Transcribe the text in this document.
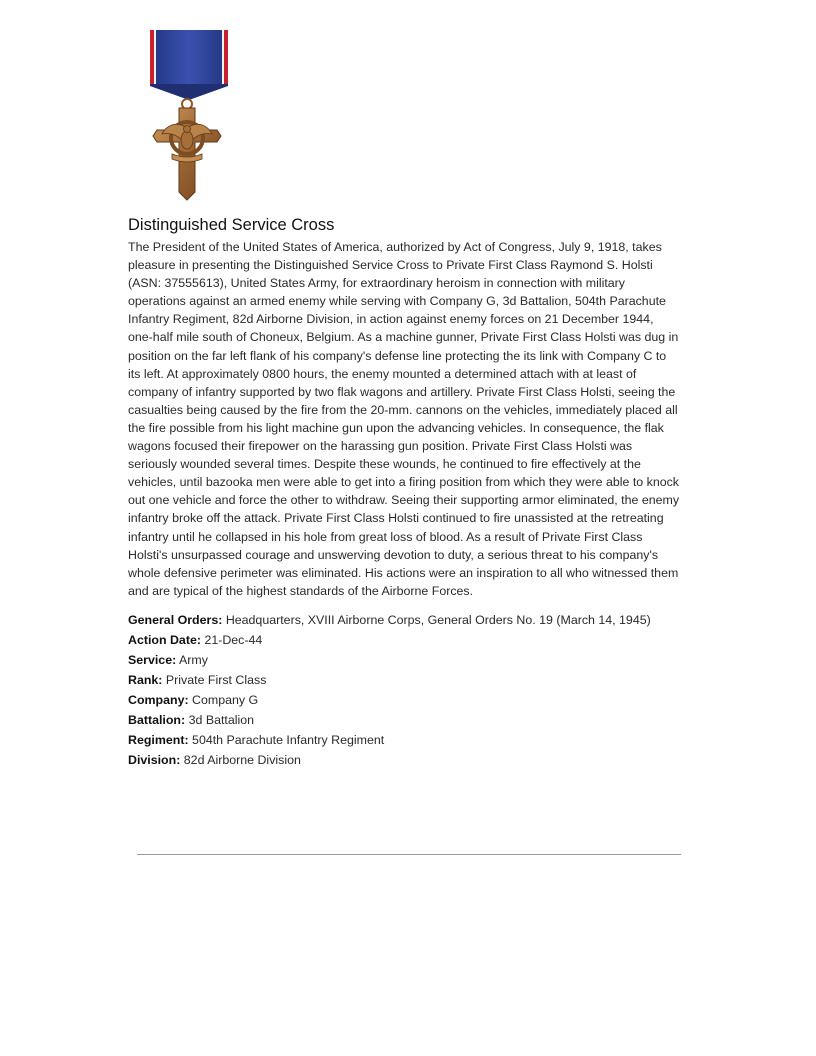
Distinguished Service Cross

The President of the United States of America, authorized by Act of Congress, July 9, 1918, takes pleasure in presenting the Distinguished Service Cross to Private First Class Raymond S. Holsti (ASN: 37555613), United States Army, for extraordinary heroism in connection with military operations against an armed enemy while serving with Company G, 3d Battalion, 504th Parachute Infantry Regiment, 82d Airborne Division, in action against enemy forces on 21 December 1944, one-half mile south of Choneux, Belgium. As a machine gunner, Private First Class Holsti was dug in position on the far left flank of his company's defense line protecting the its link with Company C to its left. At approximately 0800 hours, the enemy mounted a determined attach with at least of company of infantry supported by two flak wagons and artillery. Private First Class Holsti, seeing the casualties being caused by the fire from the 20-mm. cannons on the vehicles, immediately placed all the fire possible from his light machine gun upon the advancing vehicles. In consequence, the flak wagons focused their firepower on the harassing gun position. Private First Class Holsti was seriously wounded several times. Despite these wounds, he continued to fire effectively at the vehicles, until bazooka men were able to get into a firing position from which they were able to knock out one vehicle and force the other to withdraw. Seeing their supporting armor eliminated, the enemy infantry broke off the attack. Private First Class Holsti continued to fire unassisted at the retreating infantry until he collapsed in his hole from great loss of blood. As a result of Private First Class Holsti's unsurpassed courage and unswerving devotion to duty, a serious threat to his company's whole defensive perimeter was eliminated. His actions were an inspiration to all who witnessed them and are typical of the highest standards of the Airborne Forces.

General Orders: Headquarters, XVIII Airborne Corps, General Orders No. 19 (March 14, 1945)

Action Date: 21-Dec-44

Service: Army

Rank: Private First Class

Company: Company G

Battalion: 3d Battalion

Regiment: 504th Parachute Infantry Regiment

Division: 82d Airborne Division
